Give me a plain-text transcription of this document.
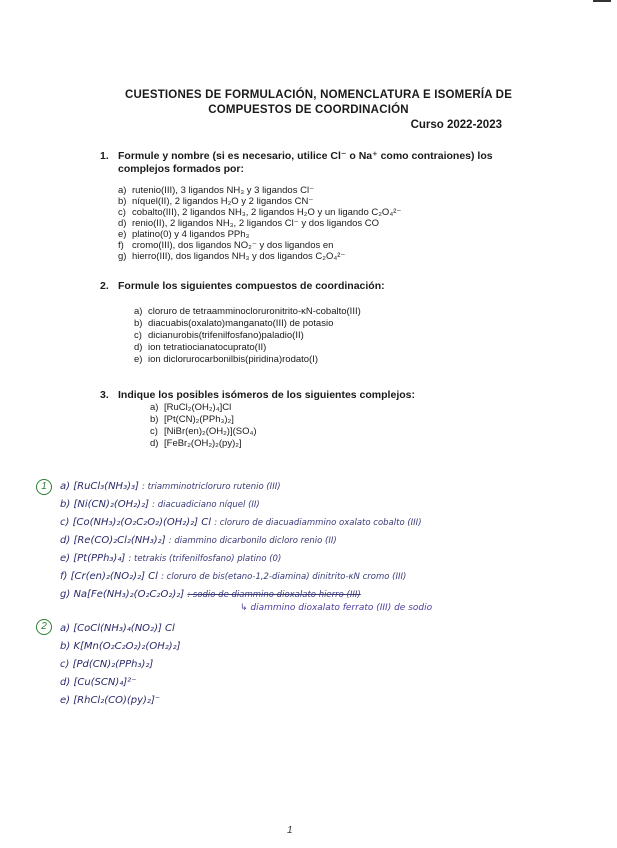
CUESTIONES DE FORMULACIÓN, NOMENCLATURA E ISOMERÍA DE
COMPUESTOS DE COORDINACIÓN
Curso 2022-2023
1. Formule y nombre (si es necesario, utilice Cl⁻ o Na⁺ como contraiones) los
complejos formados por:
a) rutenio(III), 3 ligandos NH₃ y 3 ligandos Cl⁻
b) níquel(II), 2 ligandos H₂O y 2 ligandos CN⁻
c) cobalto(III), 2 ligandos NH₃, 2 ligandos H₂O y un ligando C₂O₄²⁻
d) renio(II), 2 ligandos NH₃, 2 ligandos Cl⁻ y dos ligandos CO
e) platino(0) y 4 ligandos PPh₃
f) cromo(III), dos ligandos NO₂⁻ y dos ligandos en
g) hierro(III), dos ligandos NH₃ y dos ligandos C₂O₄²⁻
2. Formule los siguientes compuestos de coordinación:
a) cloruro de tetraamminocloruronitrito-κN-cobalto(III)
b) diacuabis(oxalato)manganato(III) de potasio
c) dicianurobis(trifenilfosfano)paladio(II)
d) ion tetratiocianatocuprato(II)
e) ion diclorurocarbonilbis(piridina)rodato(I)
3. Indique los posibles isómeros de los siguientes complejos:
a) [RuCl₂(OH₂)₄]Cl
b) [Pt(CN)₂(PPh₃)₂]
c) [NiBr(en)₂(OH₂)](SO₄)
d) [FeBr₂(OH₂)₂(py)₂]
1	a) [RuCl₃(NH₃)₃] : triamminotricloruro rutenio (III)
b) [Ni(CN)₂(OH₂)₂] : diacuadiciano níquel (II)
c) [Co(NH₃)₂(O₂C₂O₂)(OH₂)₂] Cl : cloruro de diacuadiammino oxalato cobalto (III)
d) [Re(CO)₂Cl₂(NH₃)₂] : diammino dicarbonilo dicloro renio (II)
e) [Pt(PPh₃)₄] : tetrakis (trifenilfosfano) platino (0)
f) [Cr(en)₂(NO₂)₂] Cl : cloruro de bis(etano-1,2-diamina) dinitrito-κN cromo (III)
g) Na[Fe(NH₃)₂(O₂C₂O₂)₂] : sodio de diammino dioxalato hierro (III)
↳ diammino dioxalato ferrato (III) de sodio
2	a) [CoCl(NH₃)₄(NO₂)] Cl
b) K[Mn(O₂C₂O₂)₂(OH₂)₂]
c) [Pd(CN)₂(PPh₃)₂]
d) [Cu(SCN)₄]²⁻
e) [RhCl₂(CO)(py)₂]⁻
1
